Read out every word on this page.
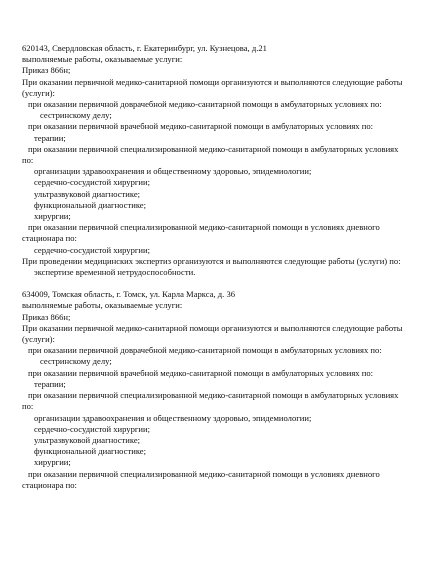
620143, Свердловская область, г. Екатеринбург, ул. Кузнецова, д.21
выполняемые работы, оказываемые услуги:
Приказ 866н;
При оказании первичной медико-санитарной помощи организуются и выполняются следующие работы (услуги):
при оказании первичной доврачебной медико-санитарной помощи в амбулаторных условиях по:
сестринскому делу;
при оказании первичной врачебной медико-санитарной помощи в амбулаторных условиях по:
терапии;
при оказании первичной специализированной медико-санитарной помощи в амбулаторных условиях по:
организации здравоохранения и общественному здоровью, эпидемиологии;
сердечно-сосудистой хирургии;
ультразвуковой диагностике;
функциональной диагностике;
хирургии;
при оказании первичной специализированной медико-санитарной помощи в условиях дневного стационара по:
сердечно-сосудистой хирургии;
При проведении медицинских экспертиз организуются и выполняются следующие работы (услуги) по:
экспертизе временной нетрудоспособности.
634009, Томская область, г. Томск, ул. Карла Маркса, д. 36
выполняемые работы, оказываемые услуги:
Приказ 866н;
При оказании первичной медико-санитарной помощи организуются и выполняются следующие работы (услуги):
при оказании первичной доврачебной медико-санитарной помощи в амбулаторных условиях по:
сестринскому делу;
при оказании первичной врачебной медико-санитарной помощи в амбулаторных условиях по:
терапии;
при оказании первичной специализированной медико-санитарной помощи в амбулаторных условиях по:
организации здравоохранения и общественному здоровью, эпидемиологии;
сердечно-сосудистой хирургии;
ультразвуковой диагностике;
функциональной диагностике;
хирургии;
при оказании первичной специализированной медико-санитарной помощи в условиях дневного стационара по:
